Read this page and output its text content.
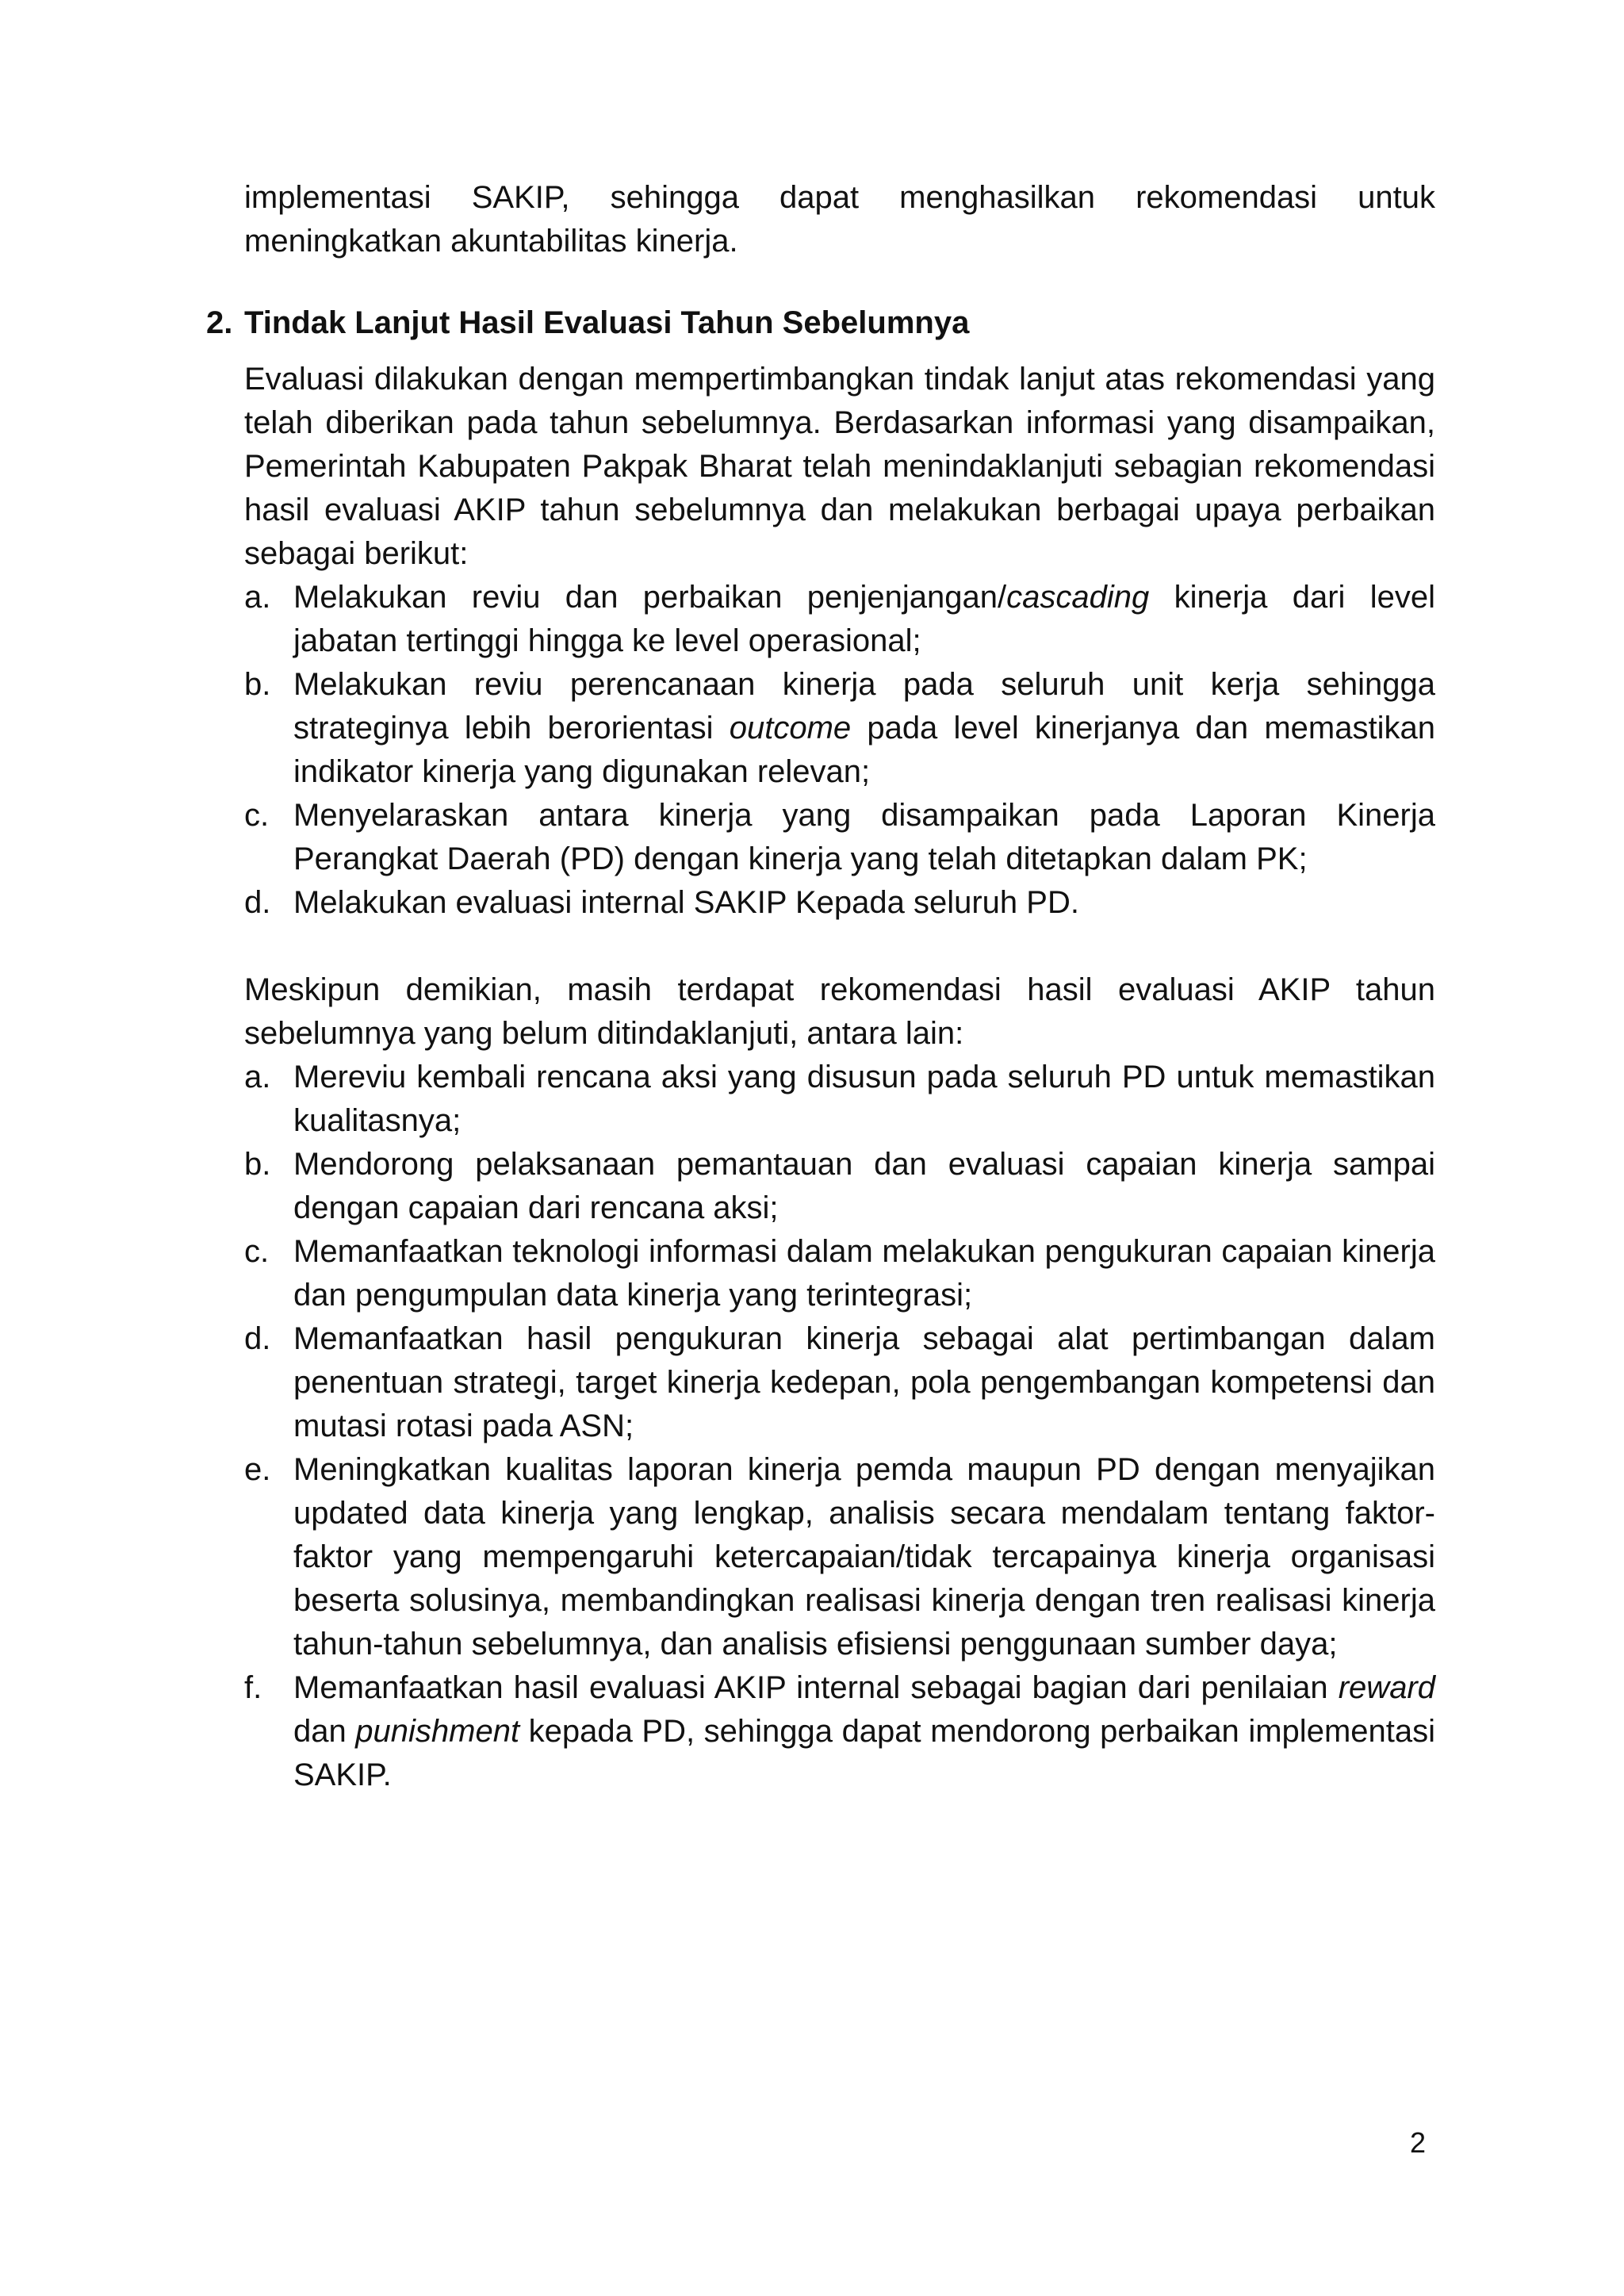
implementasi SAKIP, sehingga dapat menghasilkan rekomendasi untuk meningkatkan akuntabilitas kinerja.

2. Tindak Lanjut Hasil Evaluasi Tahun Sebelumnya

Evaluasi dilakukan dengan mempertimbangkan tindak lanjut atas rekomendasi yang telah diberikan pada tahun sebelumnya. Berdasarkan informasi yang disampaikan, Pemerintah Kabupaten Pakpak Bharat telah menindaklanjuti sebagian rekomendasi hasil evaluasi AKIP tahun sebelumnya dan melakukan berbagai upaya perbaikan sebagai berikut:

a. Melakukan reviu dan perbaikan penjenjangan/cascading kinerja dari level jabatan tertinggi hingga ke level operasional;
b. Melakukan reviu perencanaan kinerja pada seluruh unit kerja sehingga strateginya lebih berorientasi outcome pada level kinerjanya dan memastikan indikator kinerja yang digunakan relevan;
c. Menyelaraskan antara kinerja yang disampaikan pada Laporan Kinerja Perangkat Daerah (PD) dengan kinerja yang telah ditetapkan dalam PK;
d. Melakukan evaluasi internal SAKIP Kepada seluruh PD.

Meskipun demikian, masih terdapat rekomendasi hasil evaluasi AKIP tahun sebelumnya yang belum ditindaklanjuti, antara lain:

a. Mereviu kembali rencana aksi yang disusun pada seluruh PD untuk memastikan kualitasnya;
b. Mendorong pelaksanaan pemantauan dan evaluasi capaian kinerja sampai dengan capaian dari rencana aksi;
c. Memanfaatkan teknologi informasi dalam melakukan pengukuran capaian kinerja dan pengumpulan data kinerja yang terintegrasi;
d. Memanfaatkan hasil pengukuran kinerja sebagai alat pertimbangan dalam penentuan strategi, target kinerja kedepan, pola pengembangan kompetensi dan mutasi rotasi pada ASN;
e. Meningkatkan kualitas laporan kinerja pemda maupun PD dengan menyajikan updated data kinerja yang lengkap, analisis secara mendalam tentang faktor-faktor yang mempengaruhi ketercapaian/tidak tercapainya kinerja organisasi beserta solusinya, membandingkan realisasi kinerja dengan tren realisasi kinerja tahun-tahun sebelumnya, dan analisis efisiensi penggunaan sumber daya;
f. Memanfaatkan hasil evaluasi AKIP internal sebagai bagian dari penilaian reward dan punishment kepada PD, sehingga dapat mendorong perbaikan implementasi SAKIP.
2
